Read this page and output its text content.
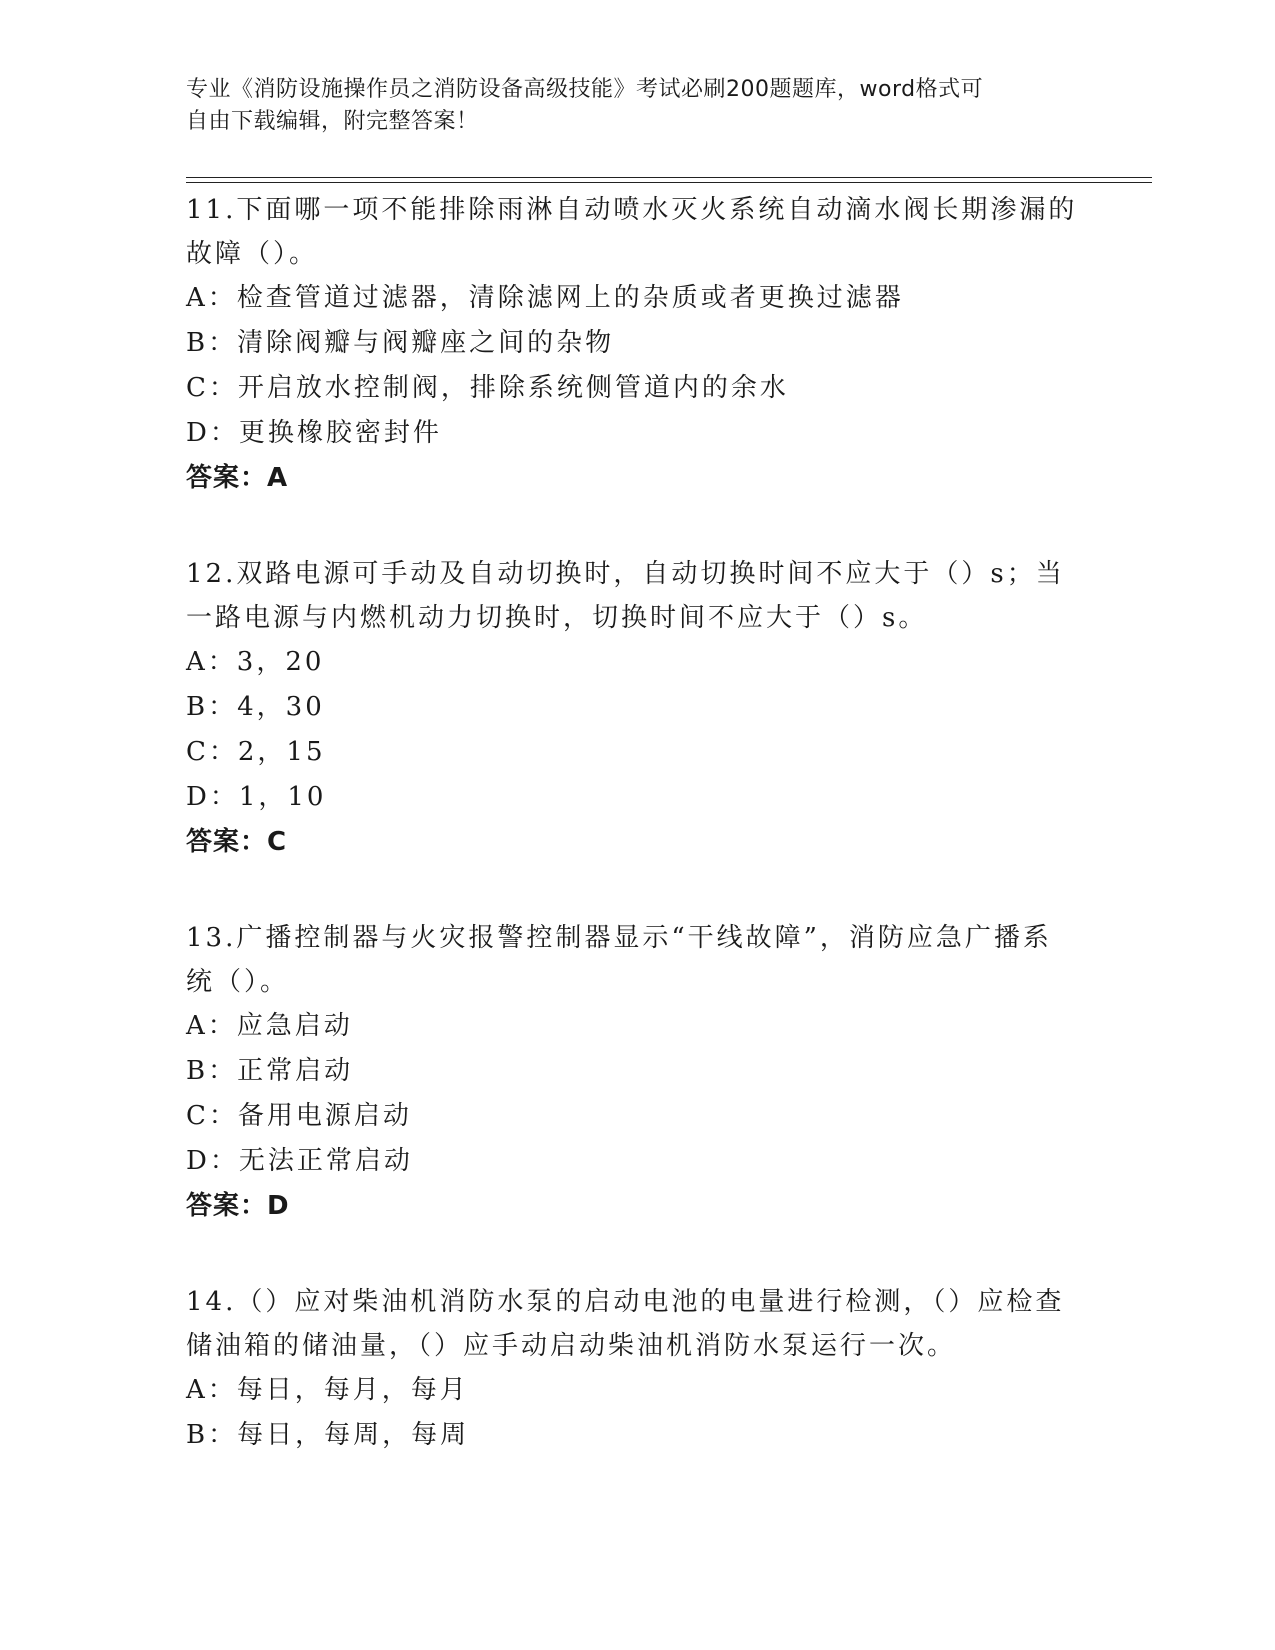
专业《消防设施操作员之消防设备高级技能》考试必刷200题题库，word格式可
自由下载编辑，附完整答案！
11.下面哪一项不能排除雨淋自动喷水灭火系统自动滴水阀长期渗漏的
故障（）。
A：检查管道过滤器，清除滤网上的杂质或者更换过滤器
B：清除阀瓣与阀瓣座之间的杂物
C：开启放水控制阀，排除系统侧管道内的余水
D：更换橡胶密封件
答案：A
12.双路电源可手动及自动切换时，自动切换时间不应大于（）s；当
一路电源与内燃机动力切换时，切换时间不应大于（）s。
A：3，20
B：4，30
C：2，15
D：1，10
答案：C
13.广播控制器与火灾报警控制器显示“干线故障”，消防应急广播系
统（）。
A：应急启动
B：正常启动
C：备用电源启动
D：无法正常启动
答案：D
14.（）应对柴油机消防水泵的启动电池的电量进行检测，（）应检查
储油箱的储油量，（）应手动启动柴油机消防水泵运行一次。
A：每日，每月，每月
B：每日，每周，每周
